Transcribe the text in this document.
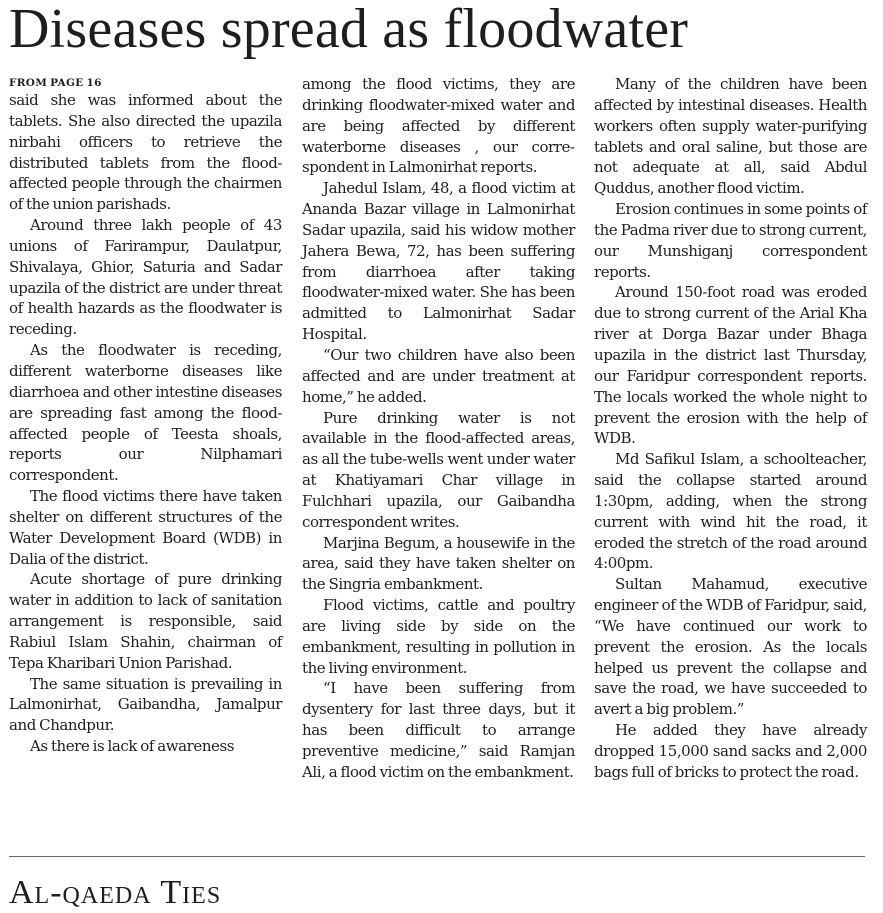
Diseases spread as floodwater
FROM PAGE 16

said she was informed about the tablets. She also directed the upazila nirbahi officers to retrieve the distributed tablets from the flood-affected people through the chairmen of the union parishads.

Around three lakh people of 43 unions of Farirampur, Daulatpur, Shivalaya, Ghior, Saturia and Sadar upazila of the district are under threat of health hazards as the floodwater is receding.

As the floodwater is receding, different waterborne diseases like diarrhoea and other intestine diseases are spreading fast among the flood-affected people of Teesta shoals, reports our Nilphamari correspondent.

The flood victims there have taken shelter on different structures of the Water Development Board (WDB) in Dalia of the district.

Acute shortage of pure drinking water in addition to lack of sanitation arrangement is responsible, said Rabiul Islam Shahin, chairman of Tepa Kharibari Union Parishad.

The same situation is prevailing in Lalmonirhat, Gaibandha, Jamalpur and Chandpur.

As there is lack of awareness

among the flood victims, they are drinking floodwater-mixed water and are being affected by different waterborne diseases , our correspondent in Lalmonirhat reports.

Jahedul Islam, 48, a flood victim at Ananda Bazar village in Lalmonirhat Sadar upazila, said his widow mother Jahera Bewa, 72, has been suffering from diarrhoea after taking floodwater-mixed water. She has been admitted to Lalmonirhat Sadar Hospital.

“Our two children have also been affected and are under treatment at home,” he added.

Pure drinking water is not available in the flood-affected areas, as all the tube-wells went under water at Khatiyamari Char village in Fulchhari upazila, our Gaibandha correspondent writes.

Marjina Begum, a housewife in the area, said they have taken shelter on the Singria embankment.

Flood victims, cattle and poultry are living side by side on the embankment, resulting in pollution in the living environment.

“I have been suffering from dysentery for last three days, but it has been difficult to arrange preventive medicine,” said Ramjan Ali, a flood victim on the embankment.

Many of the children have been affected by intestinal diseases. Health workers often supply water-purifying tablets and oral saline, but those are not adequate at all, said Abdul Quddus, another flood victim.

Erosion continues in some points of the Padma river due to strong current, our Munshiganj correspondent reports.

Around 150-foot road was eroded due to strong current of the Arial Kha river at Dorga Bazar under Bhaga upazila in the district last Thursday, our Faridpur correspondent reports. The locals worked the whole night to prevent the erosion with the help of WDB.

Md Safikul Islam, a schoolteacher, said the collapse started around 1:30pm, adding, when the strong current with wind hit the road, it eroded the stretch of the road around 4:00pm.

Sultan Mahamud, executive engineer of the WDB of Faridpur, said, “We have continued our work to prevent the erosion. As the locals helped us prevent the collapse and save the road, we have succeeded to avert a big problem.”

He added they have already dropped 15,000 sand sacks and 2,000 bags full of bricks to protect the road.

Al-qaeda Ties
